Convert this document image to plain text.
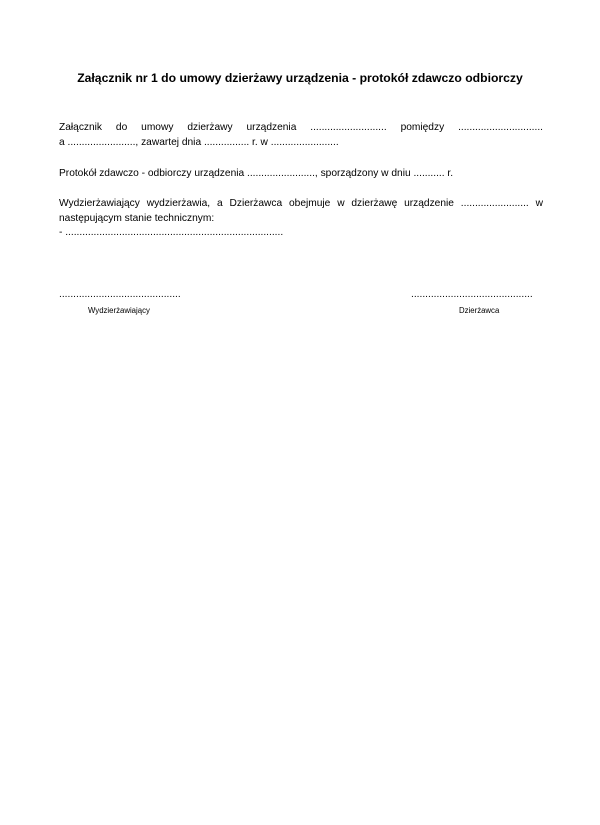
Załącznik nr 1 do umowy dzierżawy urządzenia - protokół zdawczo odbiorczy
Załącznik do umowy dzierżawy urządzenia ........................... pomiędzy ..............................
a ........................, zawartej dnia ................ r. w ........................
Protokół zdawczo - odbiorczy urządzenia ........................, sporządzony w dniu ........... r.
Wydzierżawiający wydzierżawia, a Dzierżawca obejmuje w dzierżawę urządzenie ........................ w
następującym stanie technicznym:
- .............................................................................
...........................................	...........................................
Wydzierżawiający	Dzierżawca
